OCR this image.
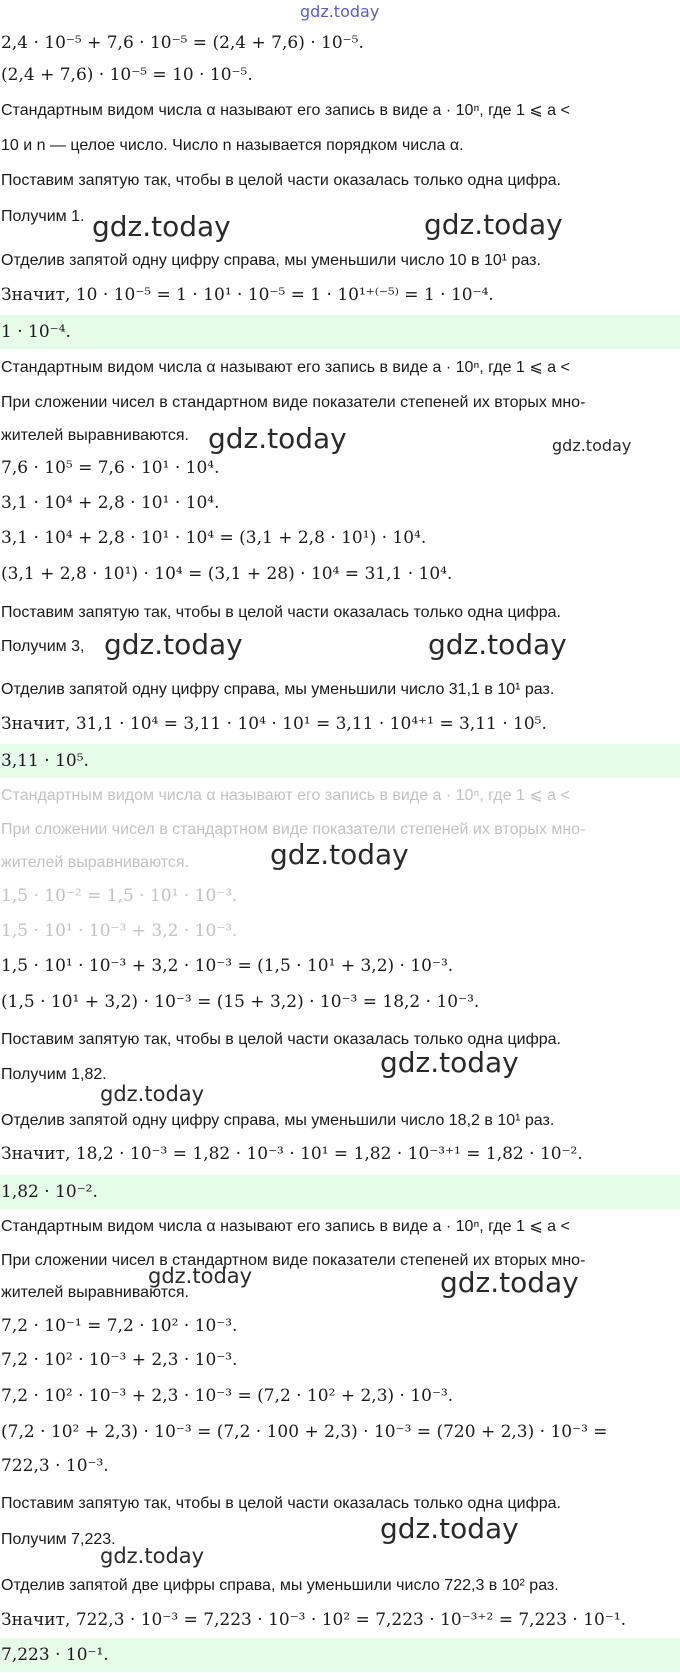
gdz.today
gdz.today	gdz.today
gdz.today	gdz.today
gdz.today	gdz.today
gdz.today
gdz.today
gdz.today
gdz.today	gdz.today
gdz.today
gdz.today
2,4 · 10⁻⁵ + 7,6 · 10⁻⁵ = (2,4 + 7,6) · 10⁻⁵.
(2,4 + 7,6) · 10⁻⁵ = 10 · 10⁻⁵.
Стандартным видом числа α называют его запись в виде a · 10ⁿ, где 1 ⩽ a <
10 и n — целое число. Число n называется порядком числа α.
Поставим запятую так, чтобы в целой части оказалась только одна цифра.
Получим 1.
Отделив запятой одну цифру справа, мы уменьшили число 10 в 10¹ раз.
Значит, 10 · 10⁻⁵ = 1 · 10¹ · 10⁻⁵ = 1 · 10¹⁺⁽⁻⁵⁾ = 1 · 10⁻⁴.
1 · 10⁻⁴.
Стандартным видом числа α называют его запись в виде a · 10ⁿ, где 1 ⩽ a <
При сложении чисел в стандартном виде показатели степеней их вторых мно-
жителей выравниваются.
7,6 · 10⁵ = 7,6 · 10¹ · 10⁴.
3,1 · 10⁴ + 2,8 · 10¹ · 10⁴.
3,1 · 10⁴ + 2,8 · 10¹ · 10⁴ = (3,1 + 2,8 · 10¹) · 10⁴.
(3,1 + 2,8 · 10¹) · 10⁴ = (3,1 + 28) · 10⁴ = 31,1 · 10⁴.
Поставим запятую так, чтобы в целой части оказалась только одна цифра.
Получим 3,
Отделив запятой одну цифру справа, мы уменьшили число 31,1 в 10¹ раз.
Значит, 31,1 · 10⁴ = 3,11 · 10⁴ · 10¹ = 3,11 · 10⁴⁺¹ = 3,11 · 10⁵.
3,11 · 10⁵.
Стандартным видом числа α называют его запись в виде a · 10ⁿ, где 1 ⩽ a <
При сложении чисел в стандартном виде показатели степеней их вторых мно-
жителей выравниваются.
1,5 · 10⁻² = 1,5 · 10¹ · 10⁻³.
1,5 · 10¹ · 10⁻³ + 3,2 · 10⁻³.
1,5 · 10¹ · 10⁻³ + 3,2 · 10⁻³ = (1,5 · 10¹ + 3,2) · 10⁻³.
(1,5 · 10¹ + 3,2) · 10⁻³ = (15 + 3,2) · 10⁻³ = 18,2 · 10⁻³.
Поставим запятую так, чтобы в целой части оказалась только одна цифра.
Получим 1,82.
Отделив запятой одну цифру справа, мы уменьшили число 18,2 в 10¹ раз.
Значит, 18,2 · 10⁻³ = 1,82 · 10⁻³ · 10¹ = 1,82 · 10⁻³⁺¹ = 1,82 · 10⁻².
1,82 · 10⁻².
Стандартным видом числа α называют его запись в виде a · 10ⁿ, где 1 ⩽ a <
При сложении чисел в стандартном виде показатели степеней их вторых мно-
жителей выравниваются.
7,2 · 10⁻¹ = 7,2 · 10² · 10⁻³.
7,2 · 10² · 10⁻³ + 2,3 · 10⁻³.
7,2 · 10² · 10⁻³ + 2,3 · 10⁻³ = (7,2 · 10² + 2,3) · 10⁻³.
(7,2 · 10² + 2,3) · 10⁻³ = (7,2 · 100 + 2,3) · 10⁻³ = (720 + 2,3) · 10⁻³ =
722,3 · 10⁻³.
Поставим запятую так, чтобы в целой части оказалась только одна цифра.
Получим 7,223.
Отделив запятой две цифры справа, мы уменьшили число 722,3 в 10² раз.
Значит, 722,3 · 10⁻³ = 7,223 · 10⁻³ · 10² = 7,223 · 10⁻³⁺² = 7,223 · 10⁻¹.
7,223 · 10⁻¹.
